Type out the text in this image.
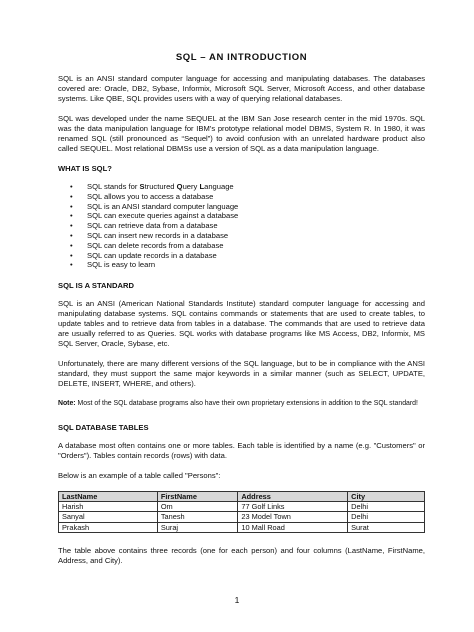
SQL – AN INTRODUCTION

SQL is an ANSI standard computer language for accessing and manipulating databases. The databases covered are: Oracle, DB2, Sybase, Informix, Microsoft SQL Server, Microsoft Access, and other database systems. Like QBE, SQL provides users with a way of querying relational databases.

SQL was developed under the name SEQUEL at the IBM San Jose research center in the mid 1970s. SQL was the data manipulation language for IBM’s prototype relational model DBMS, System R. In 1980, it was renamed SQL (still pronounced as “Sequel”) to avoid confusion with an unrelated hardware product also called SEQUEL. Most relational DBMSs use a version of SQL as a data manipulation language.

WHAT IS SQL?
• SQL stands for Structured Query Language
• SQL allows you to access a database
• SQL is an ANSI standard computer language
• SQL can execute queries against a database
• SQL can retrieve data from a database
• SQL can insert new records in a database
• SQL can delete records from a database
• SQL can update records in a database
• SQL is easy to learn
SQL IS A STANDARD

SQL is an ANSI (American National Standards Institute) standard computer language for accessing and manipulating database systems. SQL contains commands or statements that are used to create tables, to update tables and to retrieve data from tables in a database. The commands that are used to retrieve data are usually referred to as Queries. SQL works with database programs like MS Access, DB2, Informix, MS SQL Server, Oracle, Sybase, etc.

Unfortunately, there are many different versions of the SQL language, but to be in compliance with the ANSI standard, they must support the same major keywords in a similar manner (such as SELECT, UPDATE, DELETE, INSERT, WHERE, and others).

Note: Most of the SQL database programs also have their own proprietary extensions in addition to the SQL standard!

SQL DATABASE TABLES

A database most often contains one or more tables. Each table is identified by a name (e.g. "Customers" or "Orders"). Tables contain records (rows) with data.

Below is an example of a table called "Persons":

LastName	FirstName	Address	City
Harish	Om	77 Golf Links	Delhi
Sanyal	Tanesh	23 Model Town	Delhi
Prakash	Suraj	10 Mall Road	Surat

The table above contains three records (one for each person) and four columns (LastName, FirstName, Address, and City).

1
